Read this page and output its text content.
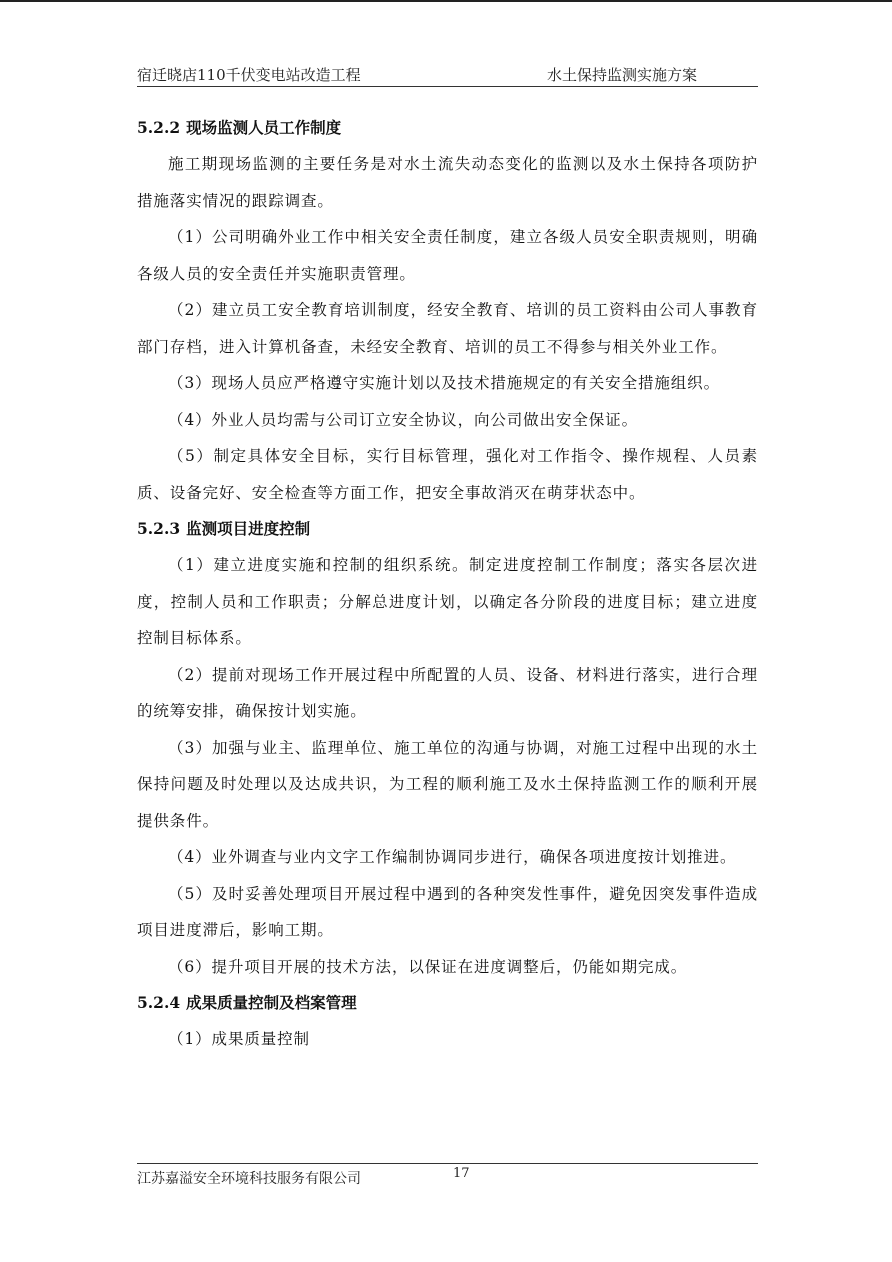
宿迁晓店110千伏变电站改造工程	水土保持监测实施方案
5.2.2 现场监测人员工作制度

施工期现场监测的主要任务是对水土流失动态变化的监测以及水土保持各项防护措施落实情况的跟踪调查。

（1）公司明确外业工作中相关安全责任制度，建立各级人员安全职责规则，明确各级人员的安全责任并实施职责管理。

（2）建立员工安全教育培训制度，经安全教育、培训的员工资料由公司人事教育部门存档，进入计算机备查，未经安全教育、培训的员工不得参与相关外业工作。

（3）现场人员应严格遵守实施计划以及技术措施规定的有关安全措施组织。

（4）外业人员均需与公司订立安全协议，向公司做出安全保证。

（5）制定具体安全目标，实行目标管理，强化对工作指令、操作规程、人员素质、设备完好、安全检查等方面工作，把安全事故消灭在萌芽状态中。

5.2.3 监测项目进度控制

（1）建立进度实施和控制的组织系统。制定进度控制工作制度；落实各层次进度，控制人员和工作职责；分解总进度计划，以确定各分阶段的进度目标；建立进度控制目标体系。

（2）提前对现场工作开展过程中所配置的人员、设备、材料进行落实，进行合理的统筹安排，确保按计划实施。

（3）加强与业主、监理单位、施工单位的沟通与协调，对施工过程中出现的水土保持问题及时处理以及达成共识，为工程的顺利施工及水土保持监测工作的顺利开展提供条件。

（4）业外调查与业内文字工作编制协调同步进行，确保各项进度按计划推进。

（5）及时妥善处理项目开展过程中遇到的各种突发性事件，避免因突发事件造成项目进度滞后，影响工期。

（6）提升项目开展的技术方法，以保证在进度调整后，仍能如期完成。

5.2.4 成果质量控制及档案管理

（1）成果质量控制

江苏嘉溢安全环境科技服务有限公司	17
